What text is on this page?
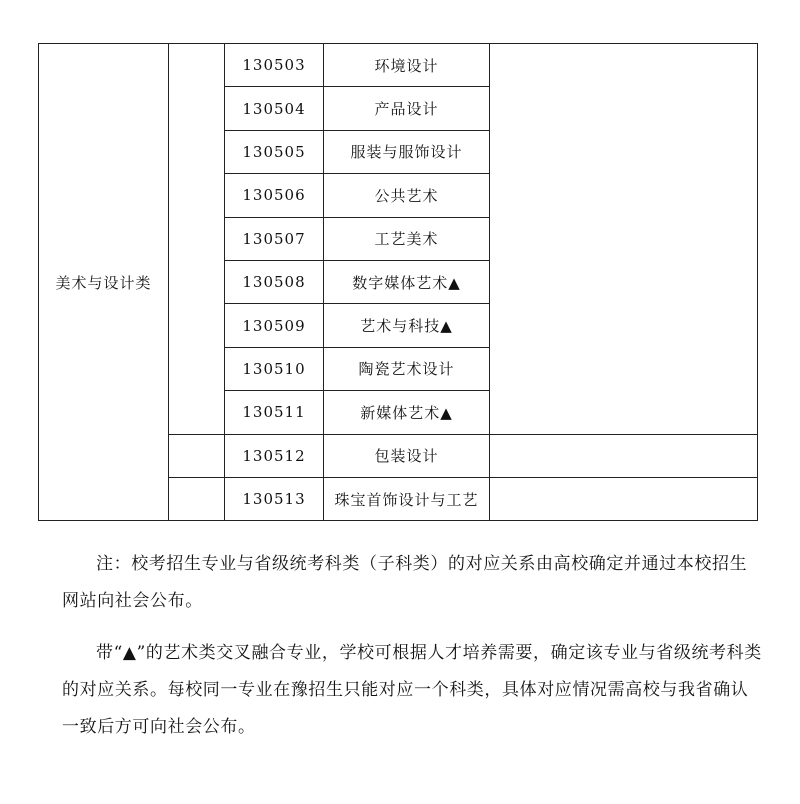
美术与设计类		130503	环境设计	
		130504	产品设计	
		130505	服装与服饰设计	
		130506	公共艺术	
		130507	工艺美术	
		130508	数字媒体艺术▲	
		130509	艺术与科技▲	
		130510	陶瓷艺术设计	
		130511	新媒体艺术▲	
		130512	包装设计	
		130513	珠宝首饰设计与工艺	

注：校考招生专业与省级统考科类（子科类）的对应关系由高校确定并通过本校招生网站向社会公布。

带“▲”的艺术类交叉融合专业，学校可根据人才培养需要，确定该专业与省级统考科类的对应关系。每校同一专业在豫招生只能对应一个科类，具体对应情况需高校与我省确认一致后方可向社会公布。
